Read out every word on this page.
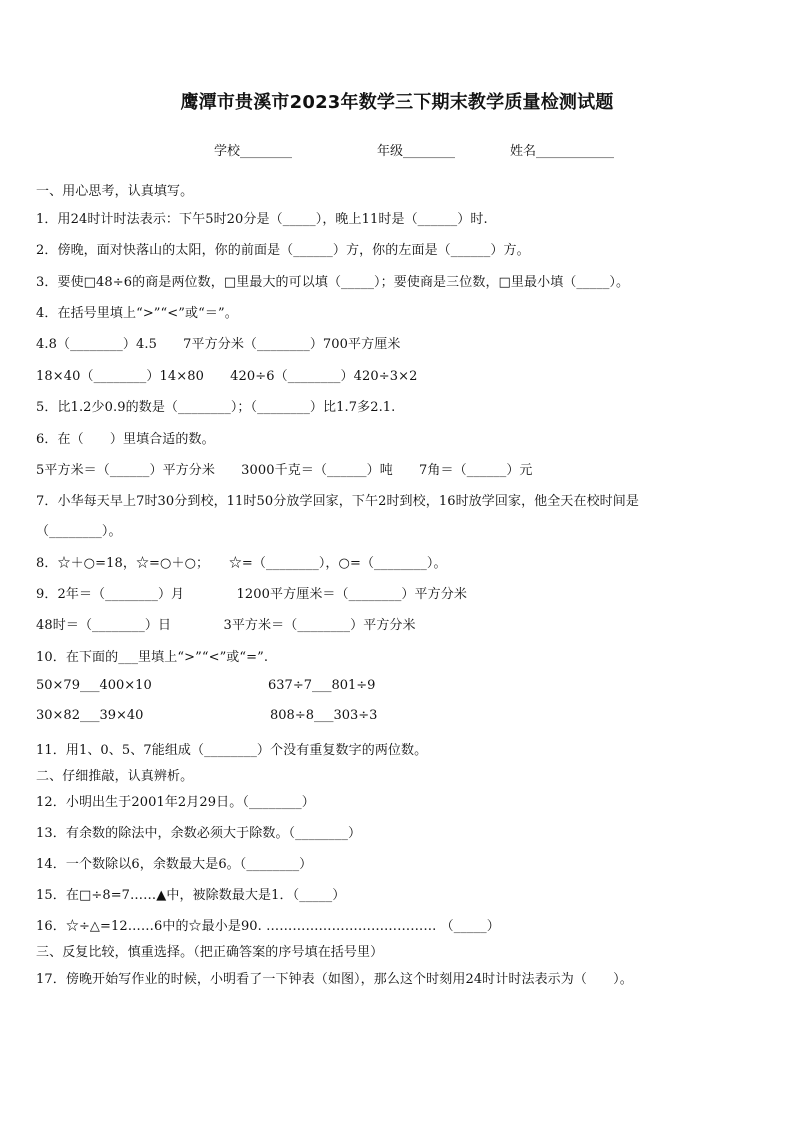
鹰潭市贵溪市2023年数学三下期末教学质量检测试题
学校________	年级________	姓名____________
一、用心思考，认真填写。
1．用24时计时法表示：下午5时20分是（_____），晚上11时是（______）时.
2．傍晚，面对快落山的太阳，你的前面是（______）方，你的左面是（______）方。
3．要使□48÷6的商是两位数，□里最大的可以填（_____）；要使商是三位数，□里最小填（_____）。
4．在括号里填上“>”“<”或“＝”。
4.8（________）4.5　　7平方分米（________）700平方厘米
18×40（________）14×80　　420÷6（________）420÷3×2
5．比1.2少0.9的数是（________）；（________）比1.7多2.1.
6．在（　　）里填合适的数。
5平方米＝（______）平方分米　　3000千克＝（______）吨　　7角＝（______）元
7．小华每天早上7时30分到校，11时50分放学回家，下午2时到校，16时放学回家，他全天在校时间是
（________）。
8．☆＋○=18，☆=○＋○；　　☆=（________），○=（________）。
9．2年＝（________）月　　　　1200平方厘米＝（________）平方分米
48时＝（________）日　　　　3平方米＝（________）平方分米
10．在下面的___里填上“>”“<”或“=”.
50×79___400×10	637÷7___801÷9
30×82___39×40	808÷8___303÷3
11．用1、0、5、7能组成（________）个没有重复数字的两位数。
二、仔细推敲，认真辨析。
12．小明出生于2001年2月29日。（________）
13．有余数的除法中，余数必须大于除数。（________）
14．一个数除以6，余数最大是6。（________）
15．在□÷8=7……▲中，被除数最大是1．（_____）
16．☆÷△=12……6中的☆最小是90. ………………………………… （_____）
三、反复比较，慎重选择。（把正确答案的序号填在括号里）
17．傍晚开始写作业的时候，小明看了一下钟表（如图），那么这个时刻用24时计时法表示为（　　）。
